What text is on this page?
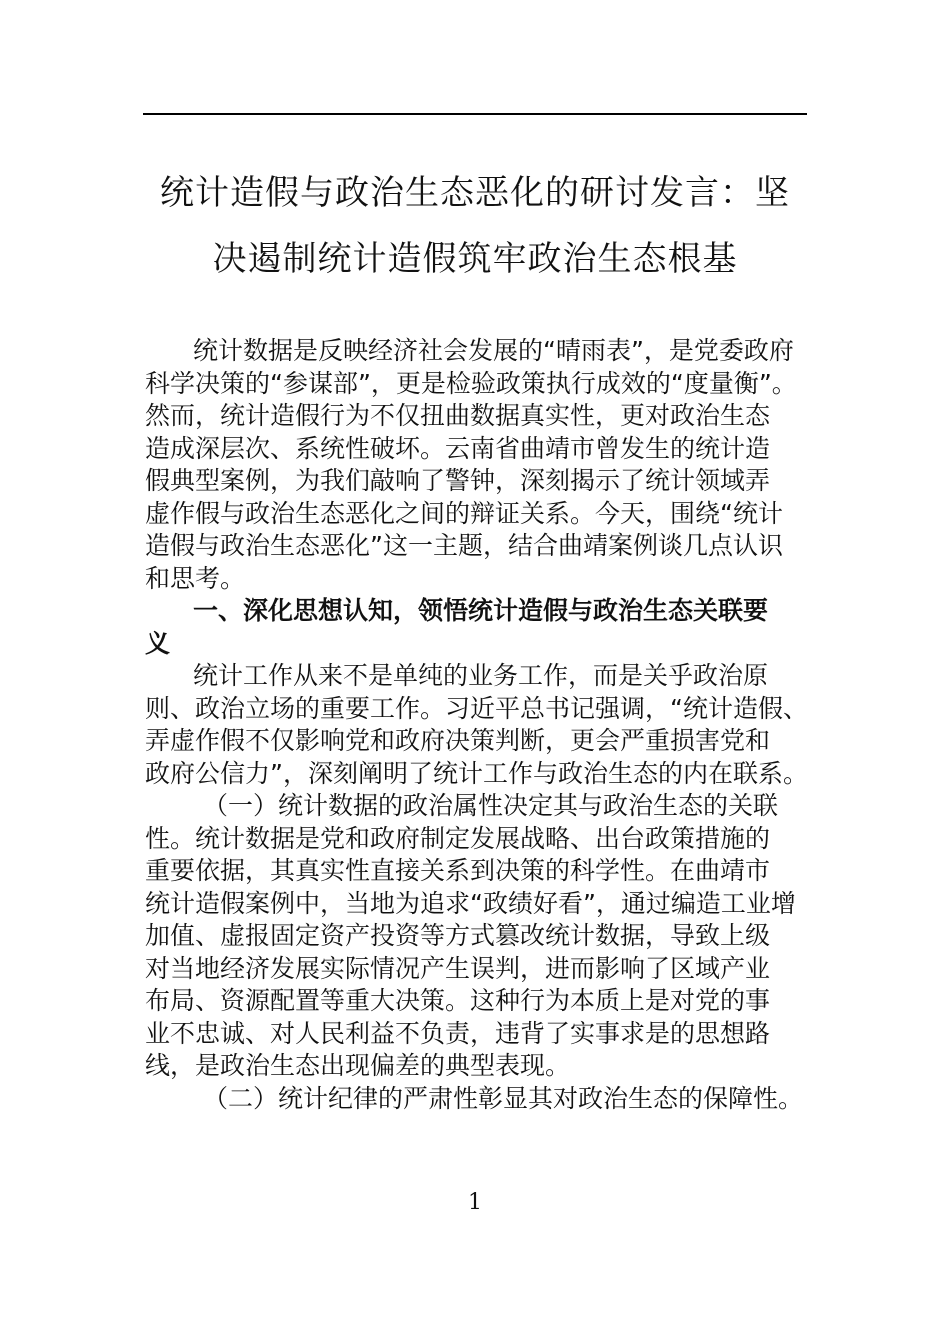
统计造假与政治生态恶化的研讨发言：坚
决遏制统计造假筑牢政治生态根基

统计数据是反映经济社会发展的“晴雨表”，是党委政府
科学决策的“参谋部”，更是检验政策执行成效的“度量衡”。
然而，统计造假行为不仅扭曲数据真实性，更对政治生态
造成深层次、系统性破坏。云南省曲靖市曾发生的统计造
假典型案例，为我们敲响了警钟，深刻揭示了统计领域弄
虚作假与政治生态恶化之间的辩证关系。今天，围绕“统计
造假与政治生态恶化”这一主题，结合曲靖案例谈几点认识
和思考。

一、深化思想认知，领悟统计造假与政治生态关联要
义

统计工作从来不是单纯的业务工作，而是关乎政治原
则、政治立场的重要工作。习近平总书记强调，“统计造假、
弄虚作假不仅影响党和政府决策判断，更会严重损害党和
政府公信力”，深刻阐明了统计工作与政治生态的内在联系。

（一）统计数据的政治属性决定其与政治生态的关联
性。统计数据是党和政府制定发展战略、出台政策措施的
重要依据，其真实性直接关系到决策的科学性。在曲靖市
统计造假案例中，当地为追求“政绩好看”，通过编造工业增
加值、虚报固定资产投资等方式篡改统计数据，导致上级
对当地经济发展实际情况产生误判，进而影响了区域产业
布局、资源配置等重大决策。这种行为本质上是对党的事
业不忠诚、对人民利益不负责，违背了实事求是的思想路
线，是政治生态出现偏差的典型表现。

（二）统计纪律的严肃性彰显其对政治生态的保障性。

1
